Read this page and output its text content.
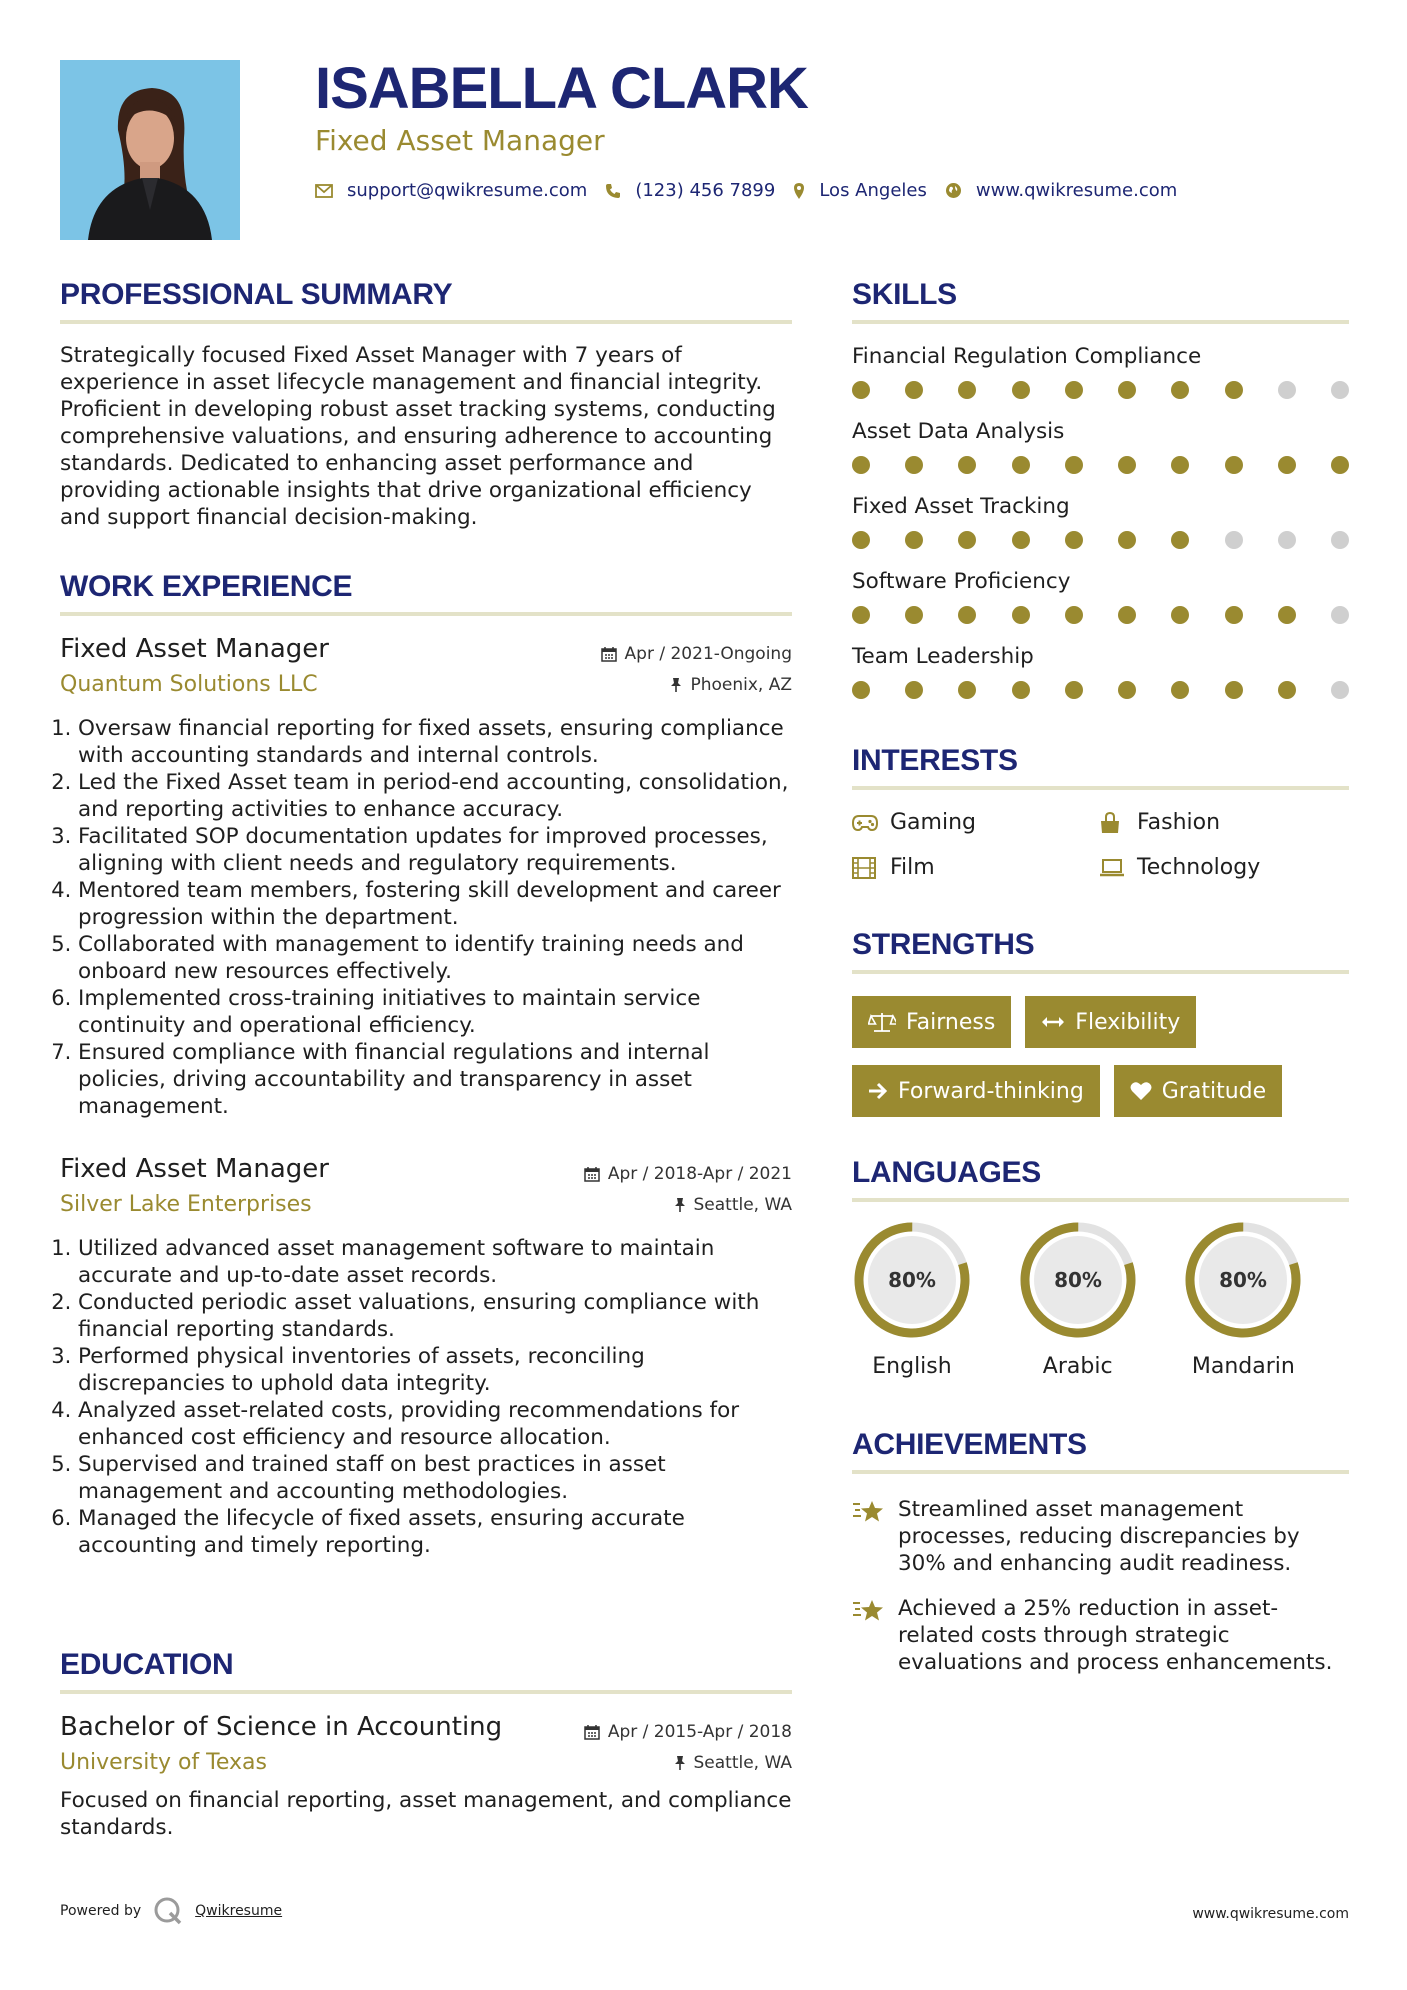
ISABELLA CLARK
Fixed Asset Manager
support@qwikresume.com	(123) 456 7899 Los Angeles	www.qwikresume.com
PROFESSIONAL SUMMARY
Strategically focused Fixed Asset Manager with 7 years of experience in asset lifecycle management and financial integrity. Proficient in developing robust asset tracking systems, conducting comprehensive valuations, and ensuring adherence to accounting standards. Dedicated to enhancing asset performance and providing actionable insights that drive organizational efficiency and support financial decision-making.
WORK EXPERIENCE
Fixed Asset Manager	Apr / 2021-Ongoing
Quantum Solutions LLC	Phoenix, AZ
1. Oversaw financial reporting for fixed assets, ensuring compliance with accounting standards and internal controls.
2. Led the Fixed Asset team in period-end accounting, consolidation, and reporting activities to enhance accuracy.
3. Facilitated SOP documentation updates for improved processes, aligning with client needs and regulatory requirements.
4. Mentored team members, fostering skill development and career progression within the department.
5. Collaborated with management to identify training needs and onboard new resources effectively.
6. Implemented cross-training initiatives to maintain service continuity and operational efficiency.
7. Ensured compliance with financial regulations and internal policies, driving accountability and transparency in asset management.
Fixed Asset Manager	Apr / 2018-Apr / 2021
Silver Lake Enterprises	Seattle, WA
1. Utilized advanced asset management software to maintain accurate and up-to-date asset records.
2. Conducted periodic asset valuations, ensuring compliance with financial reporting standards.
3. Performed physical inventories of assets, reconciling discrepancies to uphold data integrity.
4. Analyzed asset-related costs, providing recommendations for enhanced cost efficiency and resource allocation.
5. Supervised and trained staff on best practices in asset management and accounting methodologies.
6. Managed the lifecycle of fixed assets, ensuring accurate accounting and timely reporting.
EDUCATION
Bachelor of Science in Accounting	Apr / 2015-Apr / 2018
University of Texas	Seattle, WA
Focused on financial reporting, asset management, and compliance standards.
SKILLS
Financial Regulation Compliance
Asset Data Analysis
Fixed Asset Tracking
Software Proficiency
Team Leadership
INTERESTS
Gaming	Fashion
Film	Technology
STRENGTHS
Fairness	Flexibility
Forward-thinking	Gratitude
LANGUAGES
80%
English
80%
Arabic
80%
Mandarin
ACHIEVEMENTS
Streamlined asset management processes, reducing discrepancies by 30% and enhancing audit readiness.
Achieved a 25% reduction in asset-related costs through strategic evaluations and process enhancements.
Powered by	Qwikresume	www.qwikresume.com
